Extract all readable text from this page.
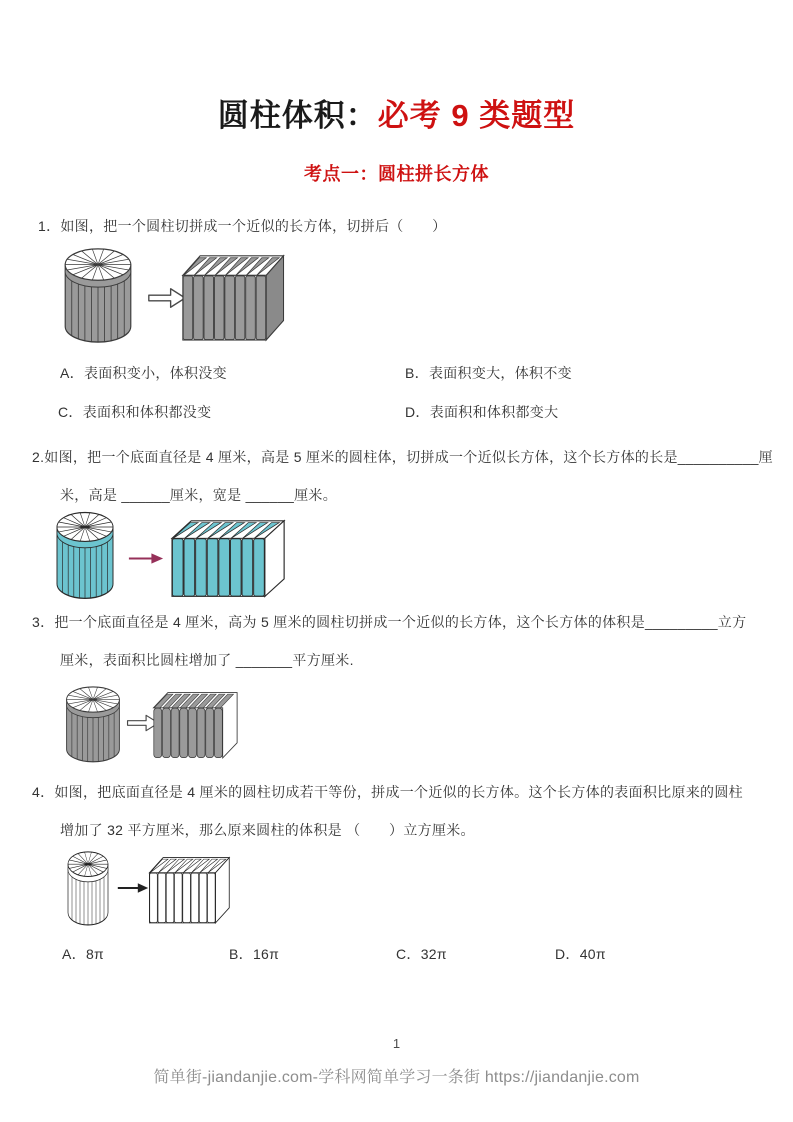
圆柱体积：必考 9 类题型
考点一：圆柱拼长方体
1．如图，把一个圆柱切拼成一个近似的长方体，切拼后（　　）
A．表面积变小，体积没变	B．表面积变大，体积不变
C．表面积和体积都没变	D．表面积和体积都变大
2.如图，把一个底面直径是 4 厘米，高是 5 厘米的圆柱体，切拼成一个近似长方体，这个长方体的长是__________厘
米，高是 ______厘米，宽是 ______厘米。
3．把一个底面直径是 4 厘米，高为 5 厘米的圆柱切拼成一个近似的长方体，这个长方体的体积是_________立方
厘米，表面积比圆柱增加了 _______平方厘米.
4．如图，把底面直径是 4 厘米的圆柱切成若干等份，拼成一个近似的长方体。这个长方体的表面积比原来的圆柱
增加了 32 平方厘米，那么原来圆柱的体积是 （　　）立方厘米。
A．8π	B．16π	C．32π	D．40π
1
简单街-jiandanjie.com-学科网简单学习一条街 https://jiandanjie.com
